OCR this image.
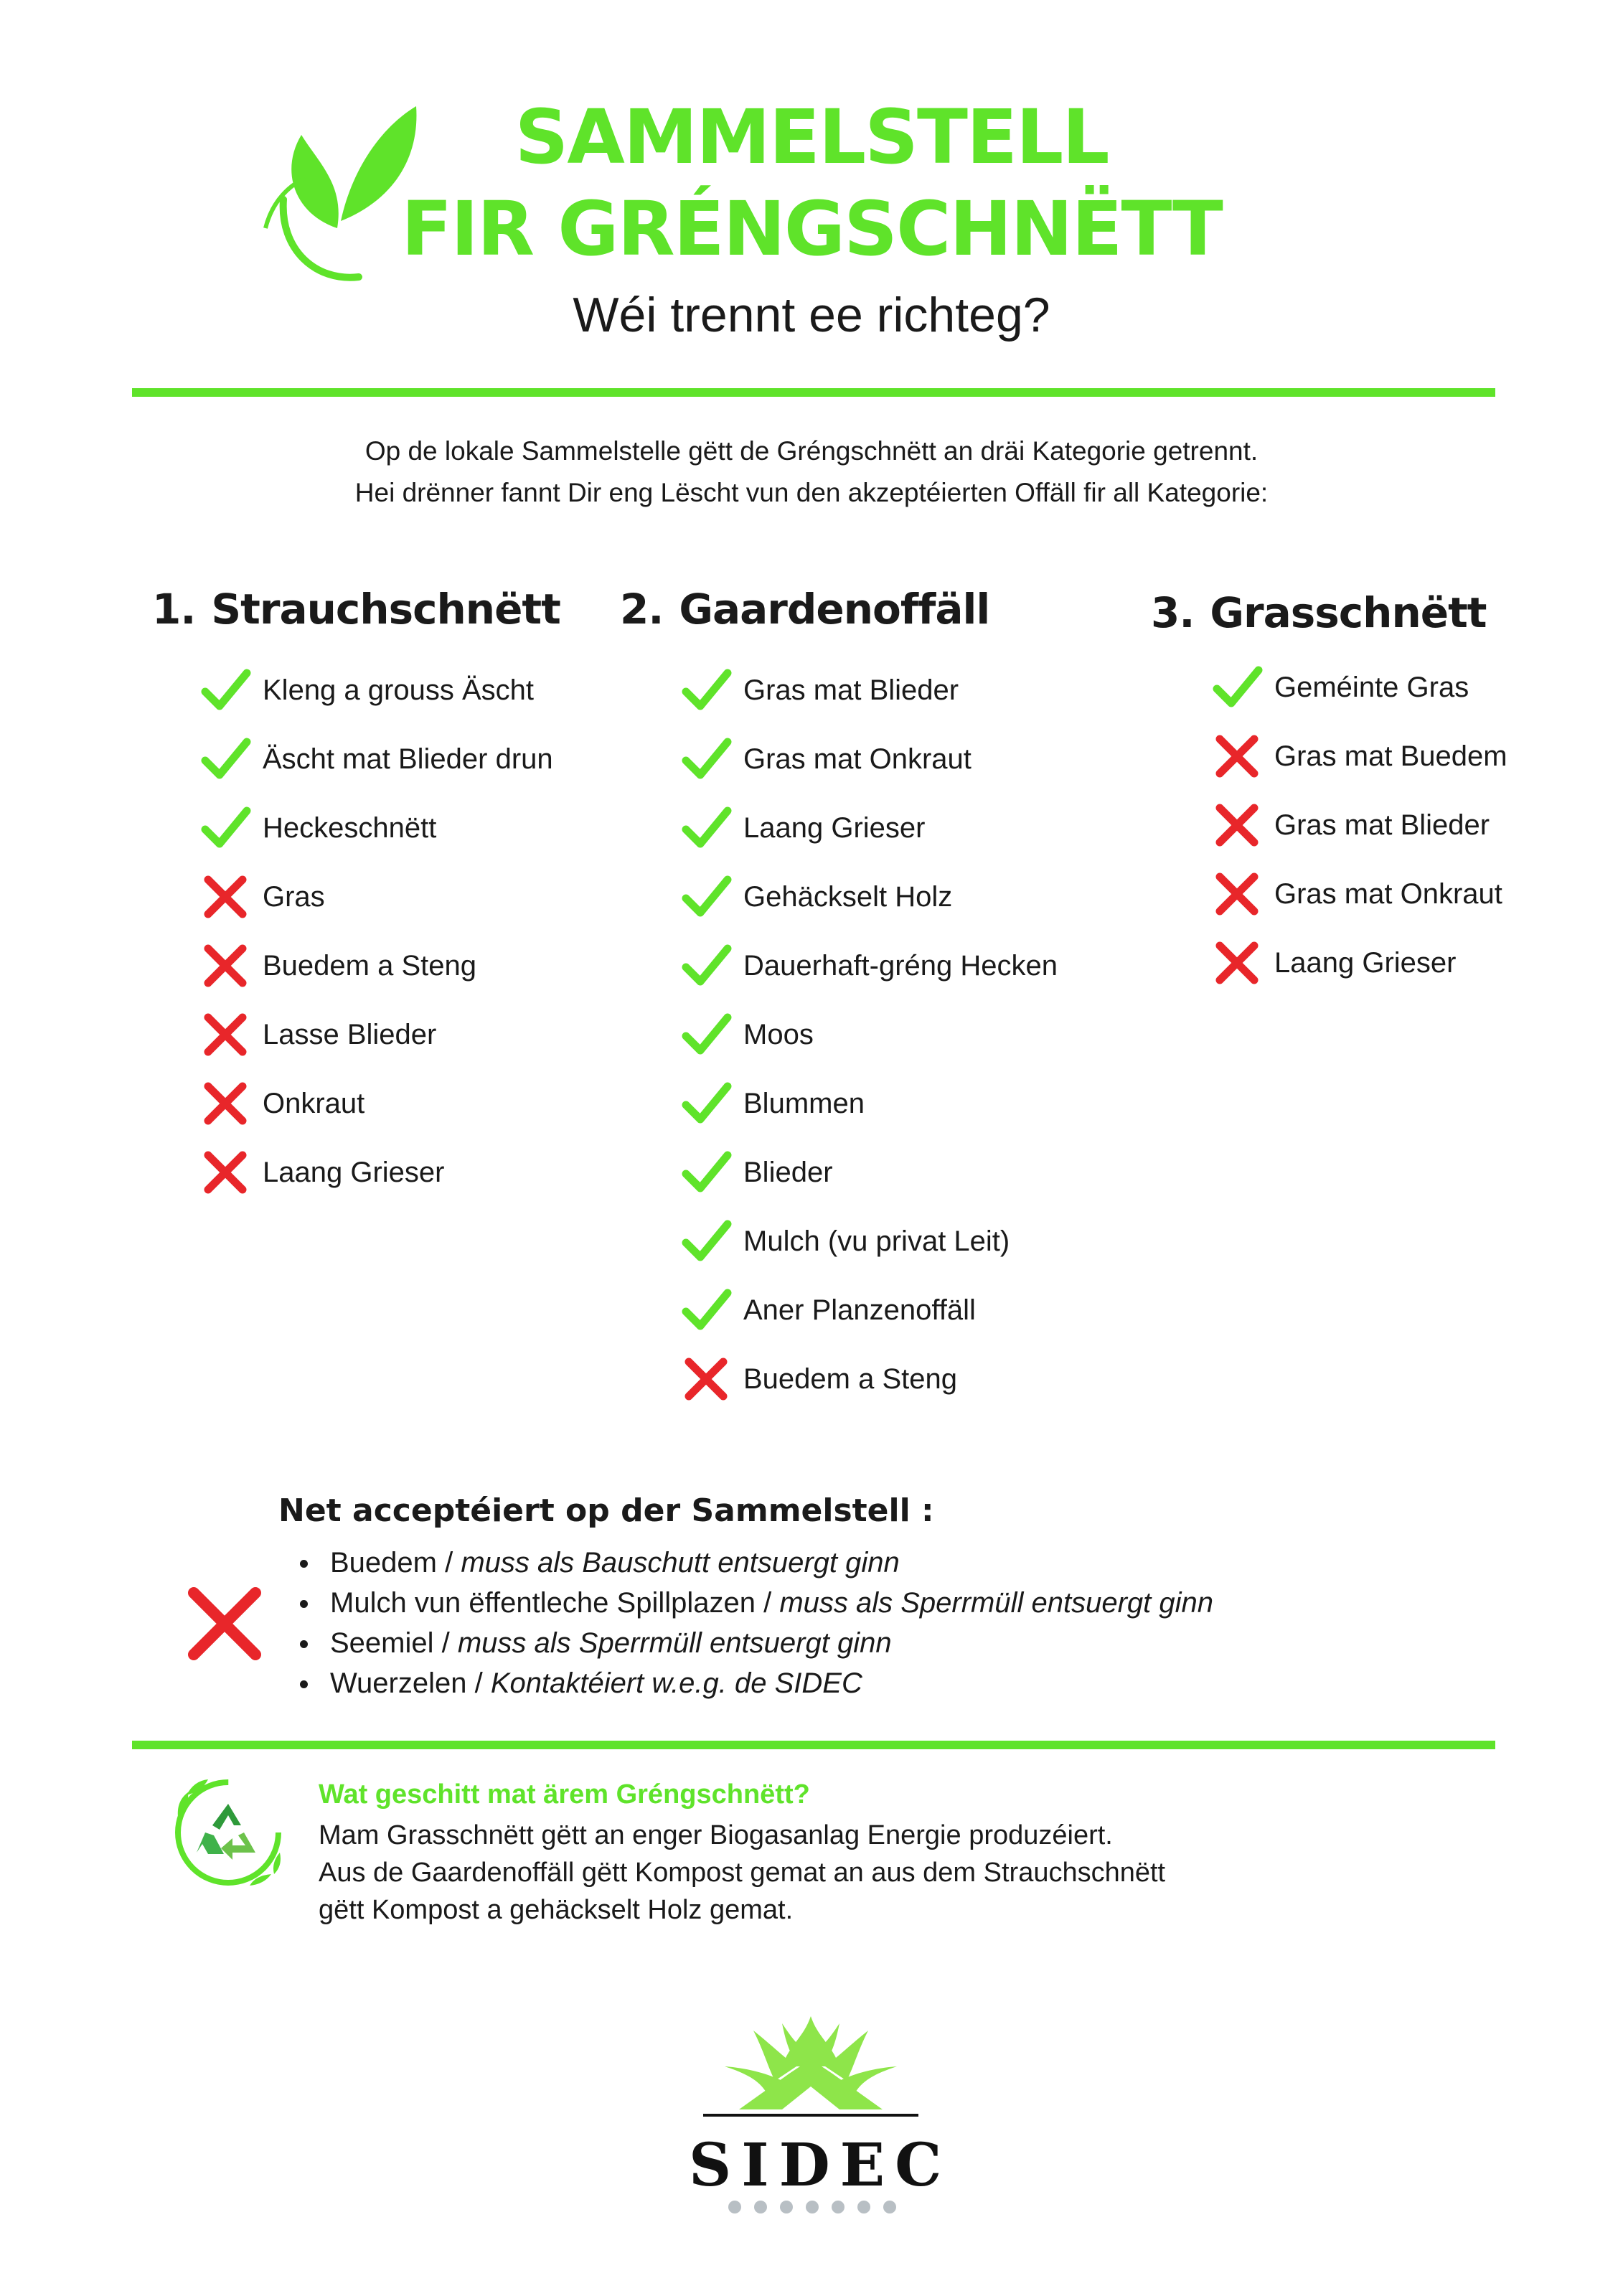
SAMMELSTELL
FIR GRÉNGSCHNËTT
Wéi trennt ee richteg?
Op de lokale Sammelstelle gëtt de Gréngschnëtt an dräi Kategorie getrennt.
Hei drënner fannt Dir eng Lëscht vun den akzeptéierten Offäll fir all Kategorie:
1. Strauchschnëtt 2. Gaardenoffäll	3. Grasschnëtt
Kleng a grouss Äscht
Äscht mat Blieder drun
Heckeschnëtt
Gras
Buedem a Steng
Lasse Blieder
Onkraut
Laang Grieser
Gras mat Blieder
Gras mat Onkraut
Laang Grieser
Gehäckselt Holz
Dauerhaft-gréng Hecken
Moos
Blummen
Blieder
Mulch (vu privat Leit)
Aner Planzenoffäll
Buedem a Steng
Geméinte Gras
Gras mat Buedem
Gras mat Blieder
Gras mat Onkraut
Laang Grieser
Net acceptéiert op der Sammelstell :
Buedem / muss als Bauschutt entsuergt ginn
Mulch vun ëffentleche Spillplazen / muss als Sperrmüll entsuergt ginn
Seemiel / muss als Sperrmüll entsuergt ginn
Wuerzelen / Kontaktéiert w.e.g. de SIDEC
Wat geschitt mat ärem Gréngschnëtt?
Mam Grasschnëtt gëtt an enger Biogasanlag Energie produzéiert.
Aus de Gaardenoffäll gëtt Kompost gemat an aus dem Strauchschnëtt
gëtt Kompost a gehäckselt Holz gemat.
SIDEC
